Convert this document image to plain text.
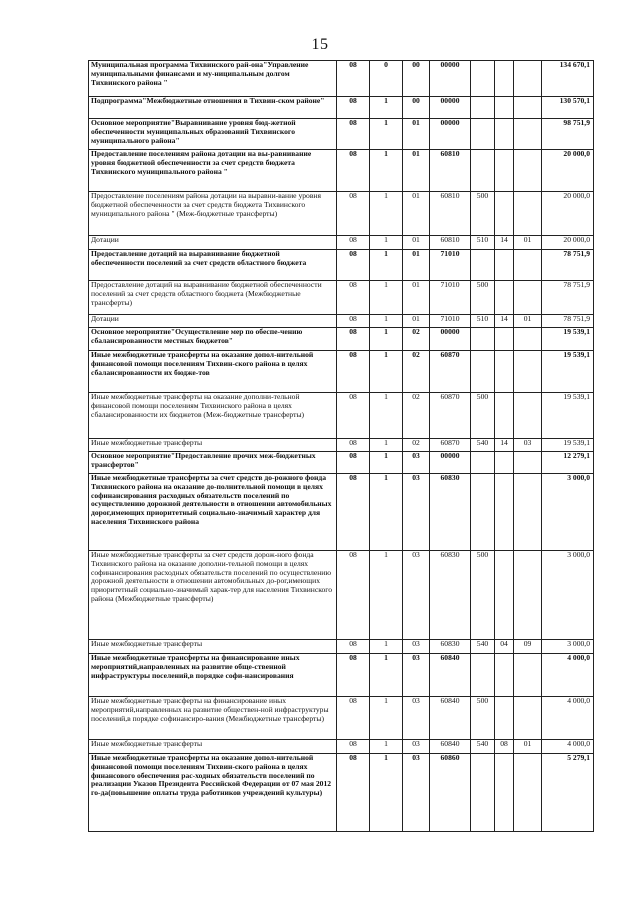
15
Муниципальная программа Тихвинского рай-она"Управление муниципальными финансами и му-ниципальным долгом Тихвинского района "	08	0	00	00000				134 670,1
Подпрограмма"Межбюджетные отношения в Тихвин-ском районе"	08	1	00	00000				130 570,1
Основное мероприятие"Выравнивание уровня бюд-жетной обеспеченности муниципальных образований Тихвинского муниципального района"	08	1	01	00000				98 751,9
Предоставление поселениям района дотации на вы-равнивание уровня бюджетной обеспеченности за счет средств бюджета Тихвинского муниципального района "	08	1	01	60810				20 000,0
Предоставление поселениям района дотации на выравни-вание уровня бюджетной обеспеченности за счет средств бюджета Тихвинского муниципального района " (Меж-бюджетные трансферты)	08	1	01	60810	500			20 000,0
Дотации	08	1	01	60810	510	14	01	20 000,0
Предоставление дотаций на выравнивание бюджетной обеспеченности поселений за счет средств областного бюджета	08	1	01	71010				78 751,9
Предоставление дотаций на выравнивание бюджетной обеспеченности поселений за счет средств областного бюджета (Межбюджетные трансферты)	08	1	01	71010	500			78 751,9
Дотации	08	1	01	71010	510	14	01	78 751,9
Основное мероприятие"Осуществление мер по обеспе-чению сбалансированности местных бюджетов"	08	1	02	00000				19 539,1
Иные межбюджетные трансферты на оказание допол-нительной финансовой помощи поселениям Тихвин-ского района в целях сбалансированности их бюдже-тов	08	1	02	60870				19 539,1
Иные межбюджетные трансферты на оказание дополни-тельной финансовой помощи поселениям Тихвинского района в целях сбалансированности их бюджетов (Меж-бюджетные трансферты)	08	1	02	60870	500			19 539,1
Иные межбюджетные трансферты	08	1	02	60870	540	14	03	19 539,1
Основное мероприятие"Предоставление прочих меж-бюджетных трансфертов"	08	1	03	00000				12 279,1
Иные межбюджетные трансферты за счет средств до-рожного фонда Тихвинского района на оказание до-полнительной помощи в целях софинансирования расходных обязательств поселений по осуществлению дорожной деятельности в отношении автомобильных дорог,имеющих приоритетный социально-значимый характер для населения Тихвинского района	08	1	03	60830				3 000,0
Иные межбюджетные трансферты за счет средств дорож-ного фонда Тихвинского района на оказание дополни-тельной помощи в целях софинансирования расходных обязательств поселений по осуществлению дорожной деятельности в отношении автомобильных до-рог,имеющих приоритетный социально-значимый харак-тер для населения Тихвинского района (Межбюджетные трансферты)	08	1	03	60830	500			3 000,0
Иные межбюджетные трансферты	08	1	03	60830	540	04	09	3 000,0
Иные межбюджетные трансферты на финансирование иных мероприятий,направленных на развитие обще-ственной инфраструктуры поселений,в порядке софи-нансирования	08	1	03	60840				4 000,0
Иные межбюджетные трансферты на финансирование иных мероприятий,направленных на развитие обществен-ной инфраструктуры поселений,в порядке софинансиро-вания (Межбюджетные трансферты)	08	1	03	60840	500			4 000,0
Иные межбюджетные трансферты	08	1	03	60840	540	08	01	4 000,0
Иные межбюджетные трансферты на оказание допол-нительной финансовой помощи поселениям Тихвин-ского района в целях финансового обеспечения рас-ходных обязательств поселений по реализации Указов Президента Российской Федерации от 07 мая 2012 го-да(повышение оплаты труда работников учреждений культуры)	08	1	03	60860				5 279,1
